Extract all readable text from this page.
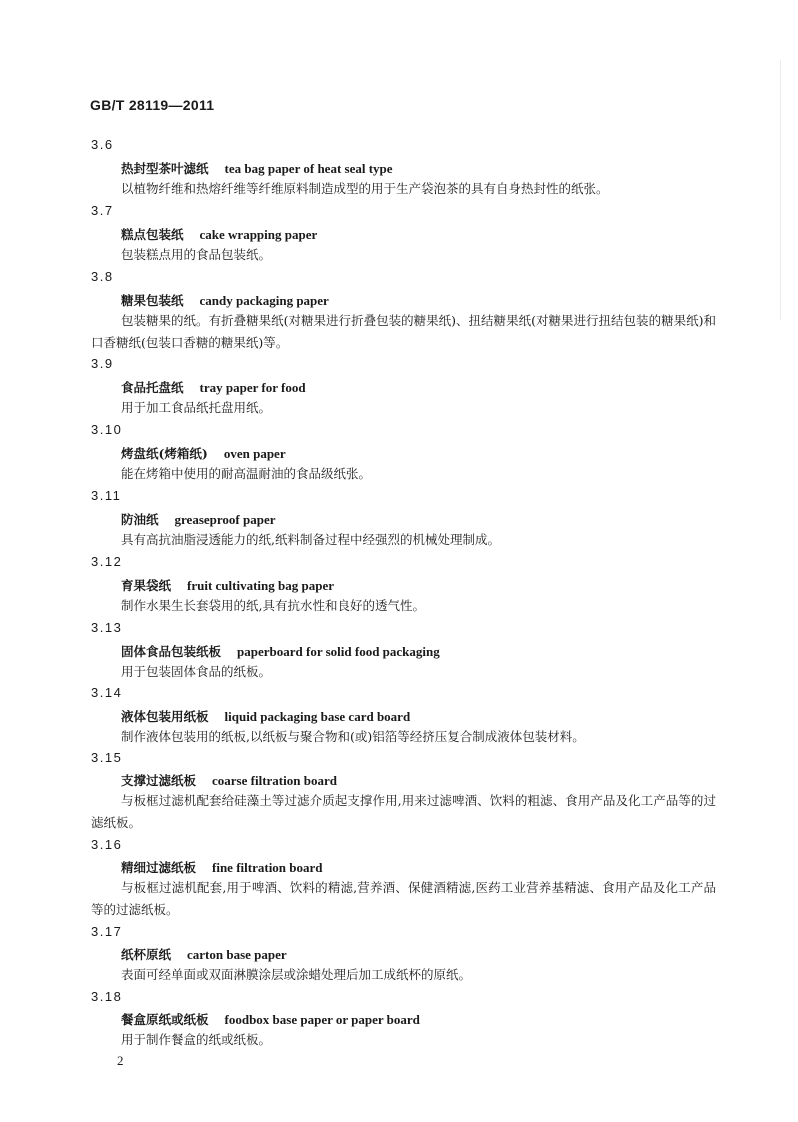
GB/T 28119—2011
3.6
热封型茶叶滤纸 tea bag paper of heat seal type
以植物纤维和热熔纤维等纤维原料制造成型的用于生产袋泡茶的具有自身热封性的纸张。
3.7
糕点包装纸 cake wrapping paper
包装糕点用的食品包装纸。
3.8
糖果包装纸 candy packaging paper
包装糖果的纸。有折叠糖果纸(对糖果进行折叠包装的糖果纸)、扭结糖果纸(对糖果进行扭结包装的糖果纸)和口香糖纸(包装口香糖的糖果纸)等。
3.9
食品托盘纸 tray paper for food
用于加工食品纸托盘用纸。
3.10
烤盘纸(烤箱纸) oven paper
能在烤箱中使用的耐高温耐油的食品级纸张。
3.11
防油纸 greaseproof paper
具有高抗油脂浸透能力的纸,纸料制备过程中经强烈的机械处理制成。
3.12
育果袋纸 fruit cultivating bag paper
制作水果生长套袋用的纸,具有抗水性和良好的透气性。
3.13
固体食品包装纸板 paperboard for solid food packaging
用于包装固体食品的纸板。
3.14
液体包装用纸板 liquid packaging base card board
制作液体包装用的纸板,以纸板与聚合物和(或)铝箔等经挤压复合制成液体包装材料。
3.15
支撑过滤纸板 coarse filtration board
与板框过滤机配套给硅藻土等过滤介质起支撑作用,用来过滤啤酒、饮料的粗滤、食用产品及化工产品等的过滤纸板。
3.16
精细过滤纸板 fine filtration board
与板框过滤机配套,用于啤酒、饮料的精滤,营养酒、保健酒精滤,医药工业营养基精滤、食用产品及化工产品等的过滤纸板。
3.17
纸杯原纸 carton base paper
表面可经单面或双面淋膜涂层或涂蜡处理后加工成纸杯的原纸。
3.18
餐盒原纸或纸板 foodbox base paper or paper board
用于制作餐盒的纸或纸板。
2
